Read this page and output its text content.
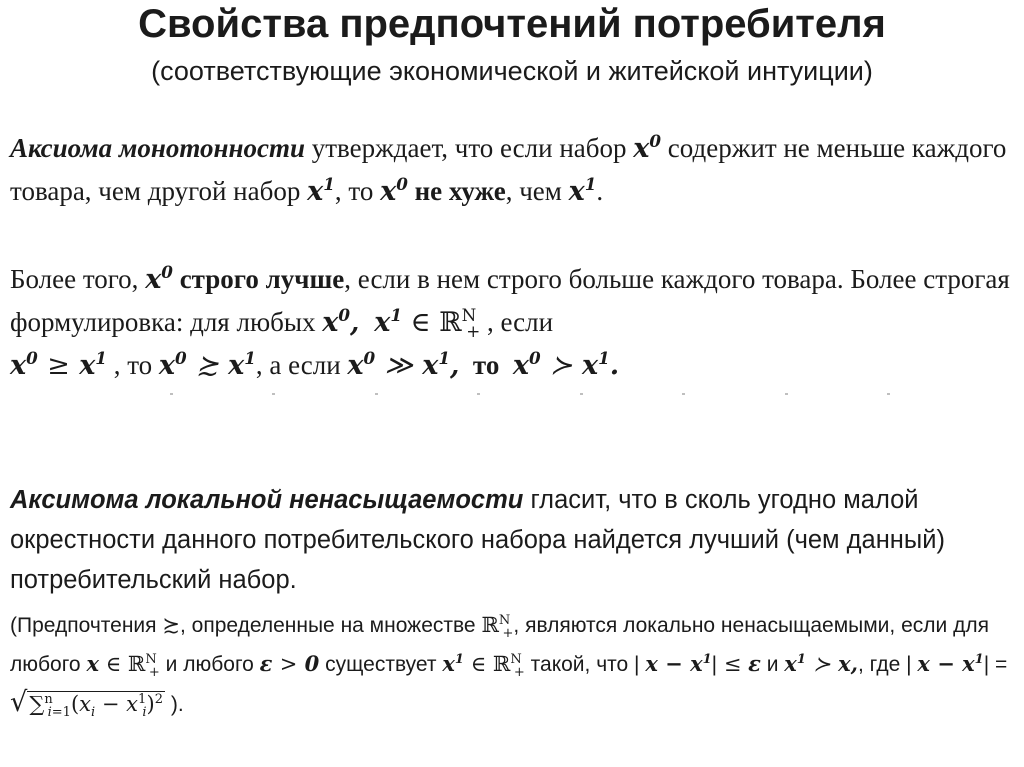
Свойства предпочтений потребителя
(соответствующие экономической и житейской интуиции)
Аксиома монотонности утверждает, что если набор $x^0$ содержит не меньше каждого товара, чем другой набор $x^1$, то $x^0$ не хуже, чем $x^1$.
Более того, $x^0$ строго лучше, если в нем строго больше каждого товара. Более строгая формулировка: для любых $x^0$,  $x^1$ ∈ ℝ$^N_+$ , если
$x^0 \ge x^1$ , то $x^0$ ≿ $x^1$, а если $x^0$ ≫ $x^1$, то $x^0$ ≻ $x^1$.
Аксимома локальной ненасыщаемости гласит, что в сколь угодно малой окрестности данного потребительского набора найдется лучший (чем данный) потребительский набор.
(Предпочтения ≿, определенные на множестве ℝ$^N_+$, являются локально ненасыщаемыми, если для любого x ∈ ℝ$^N_+$ и любого ε > 0 существует $x^1$ ∈ ℝ$^N_+$ такой, что | $x - x^1| \le \varepsilon$ и $x^1$ ≻ x,, где | $x - x^1| = √\sum^n_{i=1}(x_i - x^1_i)^2$ ).
